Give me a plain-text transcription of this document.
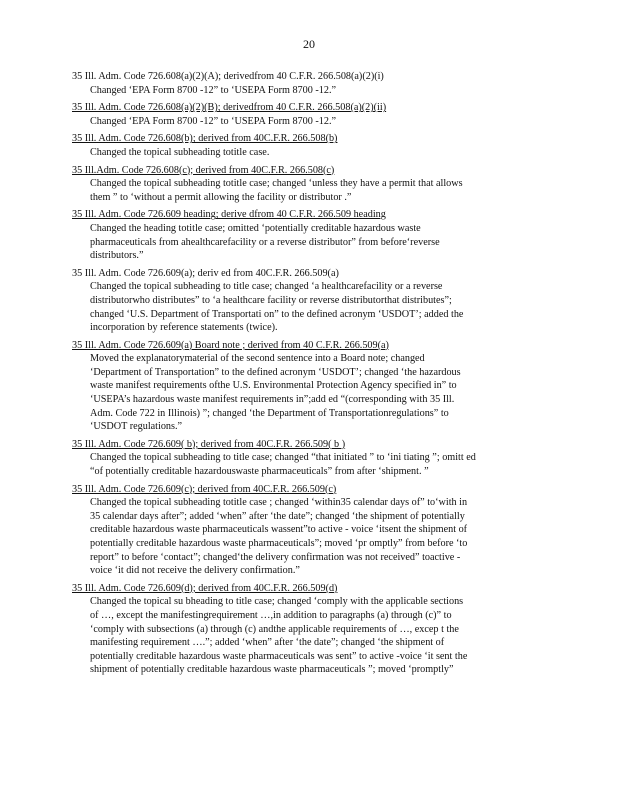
20
35 Ill. Adm. Code 726.608(a)(2)(A); derivedfrom 40 C.F.R. 266.508(a)(2)(i)
Changed ‘EPA Form 8700 -12” to ‘USEPA Form 8700 -12.”
35 Ill. Adm. Code 726.608(a)(2)(B); derivedfrom 40 C.F.R. 266.508(a)(2)(ii)
Changed ‘EPA Form 8700 -12” to ‘USEPA Form 8700 -12.”
35 Ill. Adm. Code 726.608(b); derived from 40C.F.R. 266.508(b)
Changed the topical subheading totitle case.
35 Ill.Adm. Code 726.608(c); derived from 40C.F.R. 266.508(c)
Changed the topical subheading totitle case; changed ‘unless they have a permit that allows
them ” to ‘without a permit allowing the facility or distributor .”
35 Ill. Adm. Code 726.609 heading; derive dfrom 40 C.F.R. 266.509 heading
Changed the heading totitle case; omitted ‘potentially creditable hazardous waste
pharmaceuticals from ahealthcarefacility or a reverse distributor” from before‘reverse
distributors.”
35 Ill. Adm. Code 726.609(a); deriv ed from 40C.F.R. 266.509(a)
Changed the topical subheading to title case; changed ‘a healthcarefacility or a reverse
distributorwho distributes” to ‘a healthcare facility or reverse distributorthat distributes”;
changed ‘U.S. Department of Transportati on” to the defined acronym ‘USDOT’; added the
incorporation by reference statements (twice).
35 Ill. Adm. Code 726.609(a) Board note ; derived from 40 C.F.R. 266.509(a)
Moved the explanatorymaterial of the second sentence into a Board note; changed
‘Department of Transportation” to the defined acronym ‘USDOT’; changed ‘the hazardous
waste manifest requirements ofthe U.S. Environmental Protection Agency specified in” to
‘USEPA’s hazardous waste manifest requirements in”;add ed “(corresponding with 35 Ill.
Adm. Code 722 in Illinois) ”; changed ‘the Department of Transportationregulations” to
‘USDOT regulations.”
35 Ill. Adm. Code 726.609( b); derived from 40C.F.R. 266.509( b )
Changed the topical subheading to title case; changed “that initiated ” to ‘ini tiating ”; omitt ed
“of potentially creditable hazardouswaste pharmaceuticals” from after ‘shipment. ”
35 Ill. Adm. Code 726.609(c); derived from 40C.F.R. 266.509(c)
Changed the topical subheading totitle case ; changed ‘within35 calendar days of” to‘with in
35 calendar days after”; added ‘when” after ‘the date”; changed ‘the shipment of potentially
creditable hazardous waste pharmaceuticals wassent”to active - voice ‘itsent the shipment of
potentially creditable hazardous waste pharmaceuticals”; moved ‘pr omptly” from before ‘to
report” to before ‘contact”; changed‘the delivery confirmation was not received” toactive -
voice ‘it did not receive the delivery confirmation.”
35 Ill. Adm. Code 726.609(d); derived from 40C.F.R. 266.509(d)
Changed the topical su bheading to title case; changed ‘comply with the applicable sections
of …, except the manifestingrequirement …,in addition to paragraphs (a) through (c)” to
‘comply with subsections (a) through (c) andthe applicable requirements of …, excep t the
manifesting requirement ….”; added ‘when” after ‘the date”; changed ‘the shipment of
potentially creditable hazardous waste pharmaceuticals was sent” to active -voice ‘it sent the
shipment of potentially creditable hazardous waste pharmaceuticals ”; moved ‘promptly”
